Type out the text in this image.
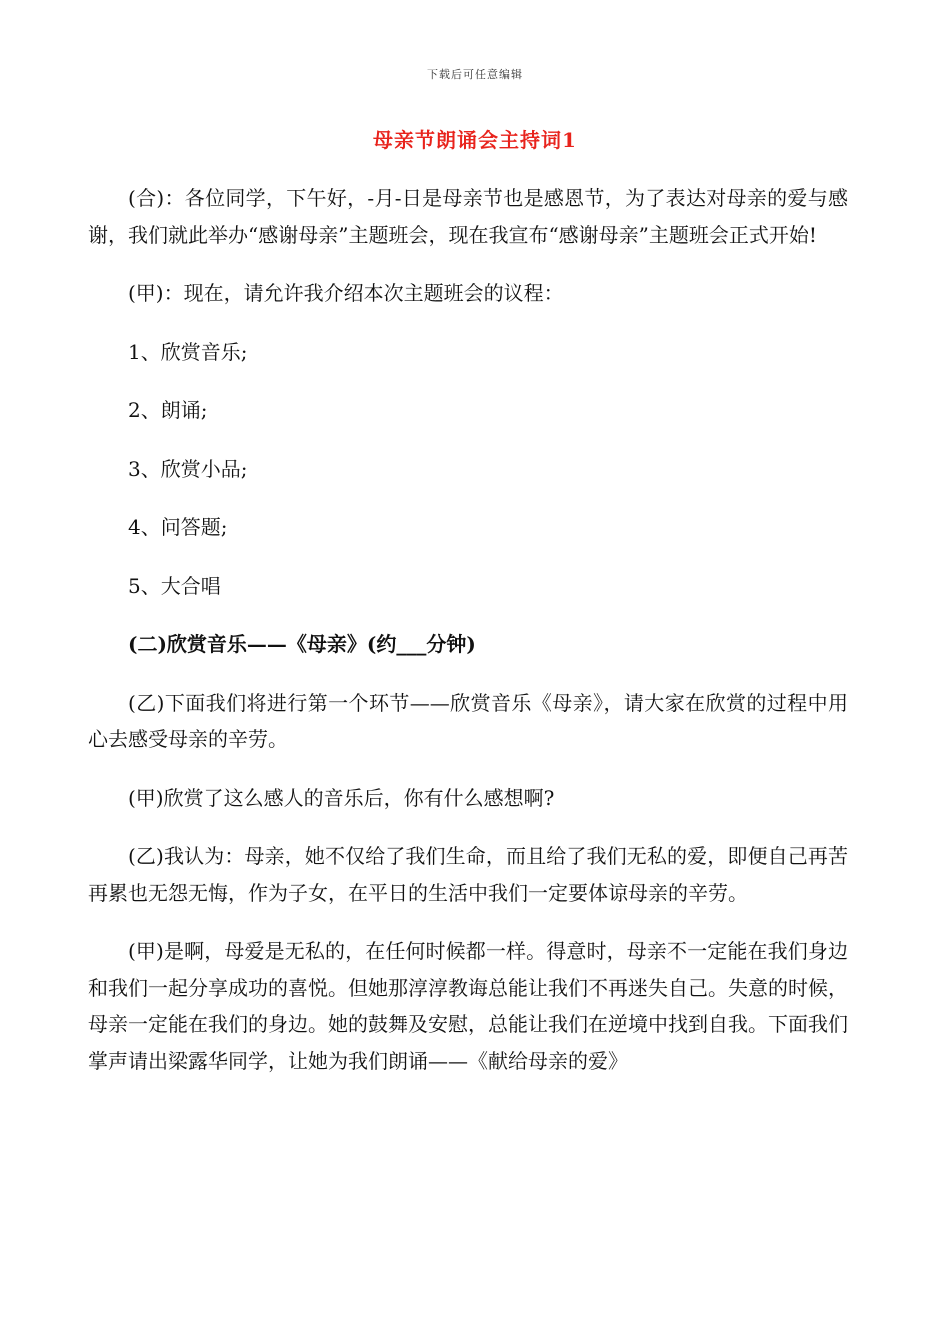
下载后可任意编辑
母亲节朗诵会主持词1

(合)：各位同学，下午好，-月-日是母亲节也是感恩节，为了表达对母亲的爱与感谢，我们就此举办“感谢母亲”主题班会，现在我宣布“感谢母亲”主题班会正式开始!

(甲)：现在，请允许我介绍本次主题班会的议程：

1、欣赏音乐;

2、朗诵;

3、欣赏小品;

4、问答题;

5、大合唱

(二)欣赏音乐——《母亲》(约___分钟)

(乙)下面我们将进行第一个环节——欣赏音乐《母亲》，请大家在欣赏的过程中用心去感受母亲的辛劳。

(甲)欣赏了这么感人的音乐后，你有什么感想啊?

(乙)我认为：母亲，她不仅给了我们生命，而且给了我们无私的爱，即便自己再苦再累也无怨无悔，作为子女，在平日的生活中我们一定要体谅母亲的辛劳。

(甲)是啊，母爱是无私的，在任何时候都一样。得意时，母亲不一定能在我们身边和我们一起分享成功的喜悦。但她那淳淳教诲总能让我们不再迷失自己。失意的时候，母亲一定能在我们的身边。她的鼓舞及安慰，总能让我们在逆境中找到自我。下面我们掌声请出梁露华同学，让她为我们朗诵——《献给母亲的爱》
